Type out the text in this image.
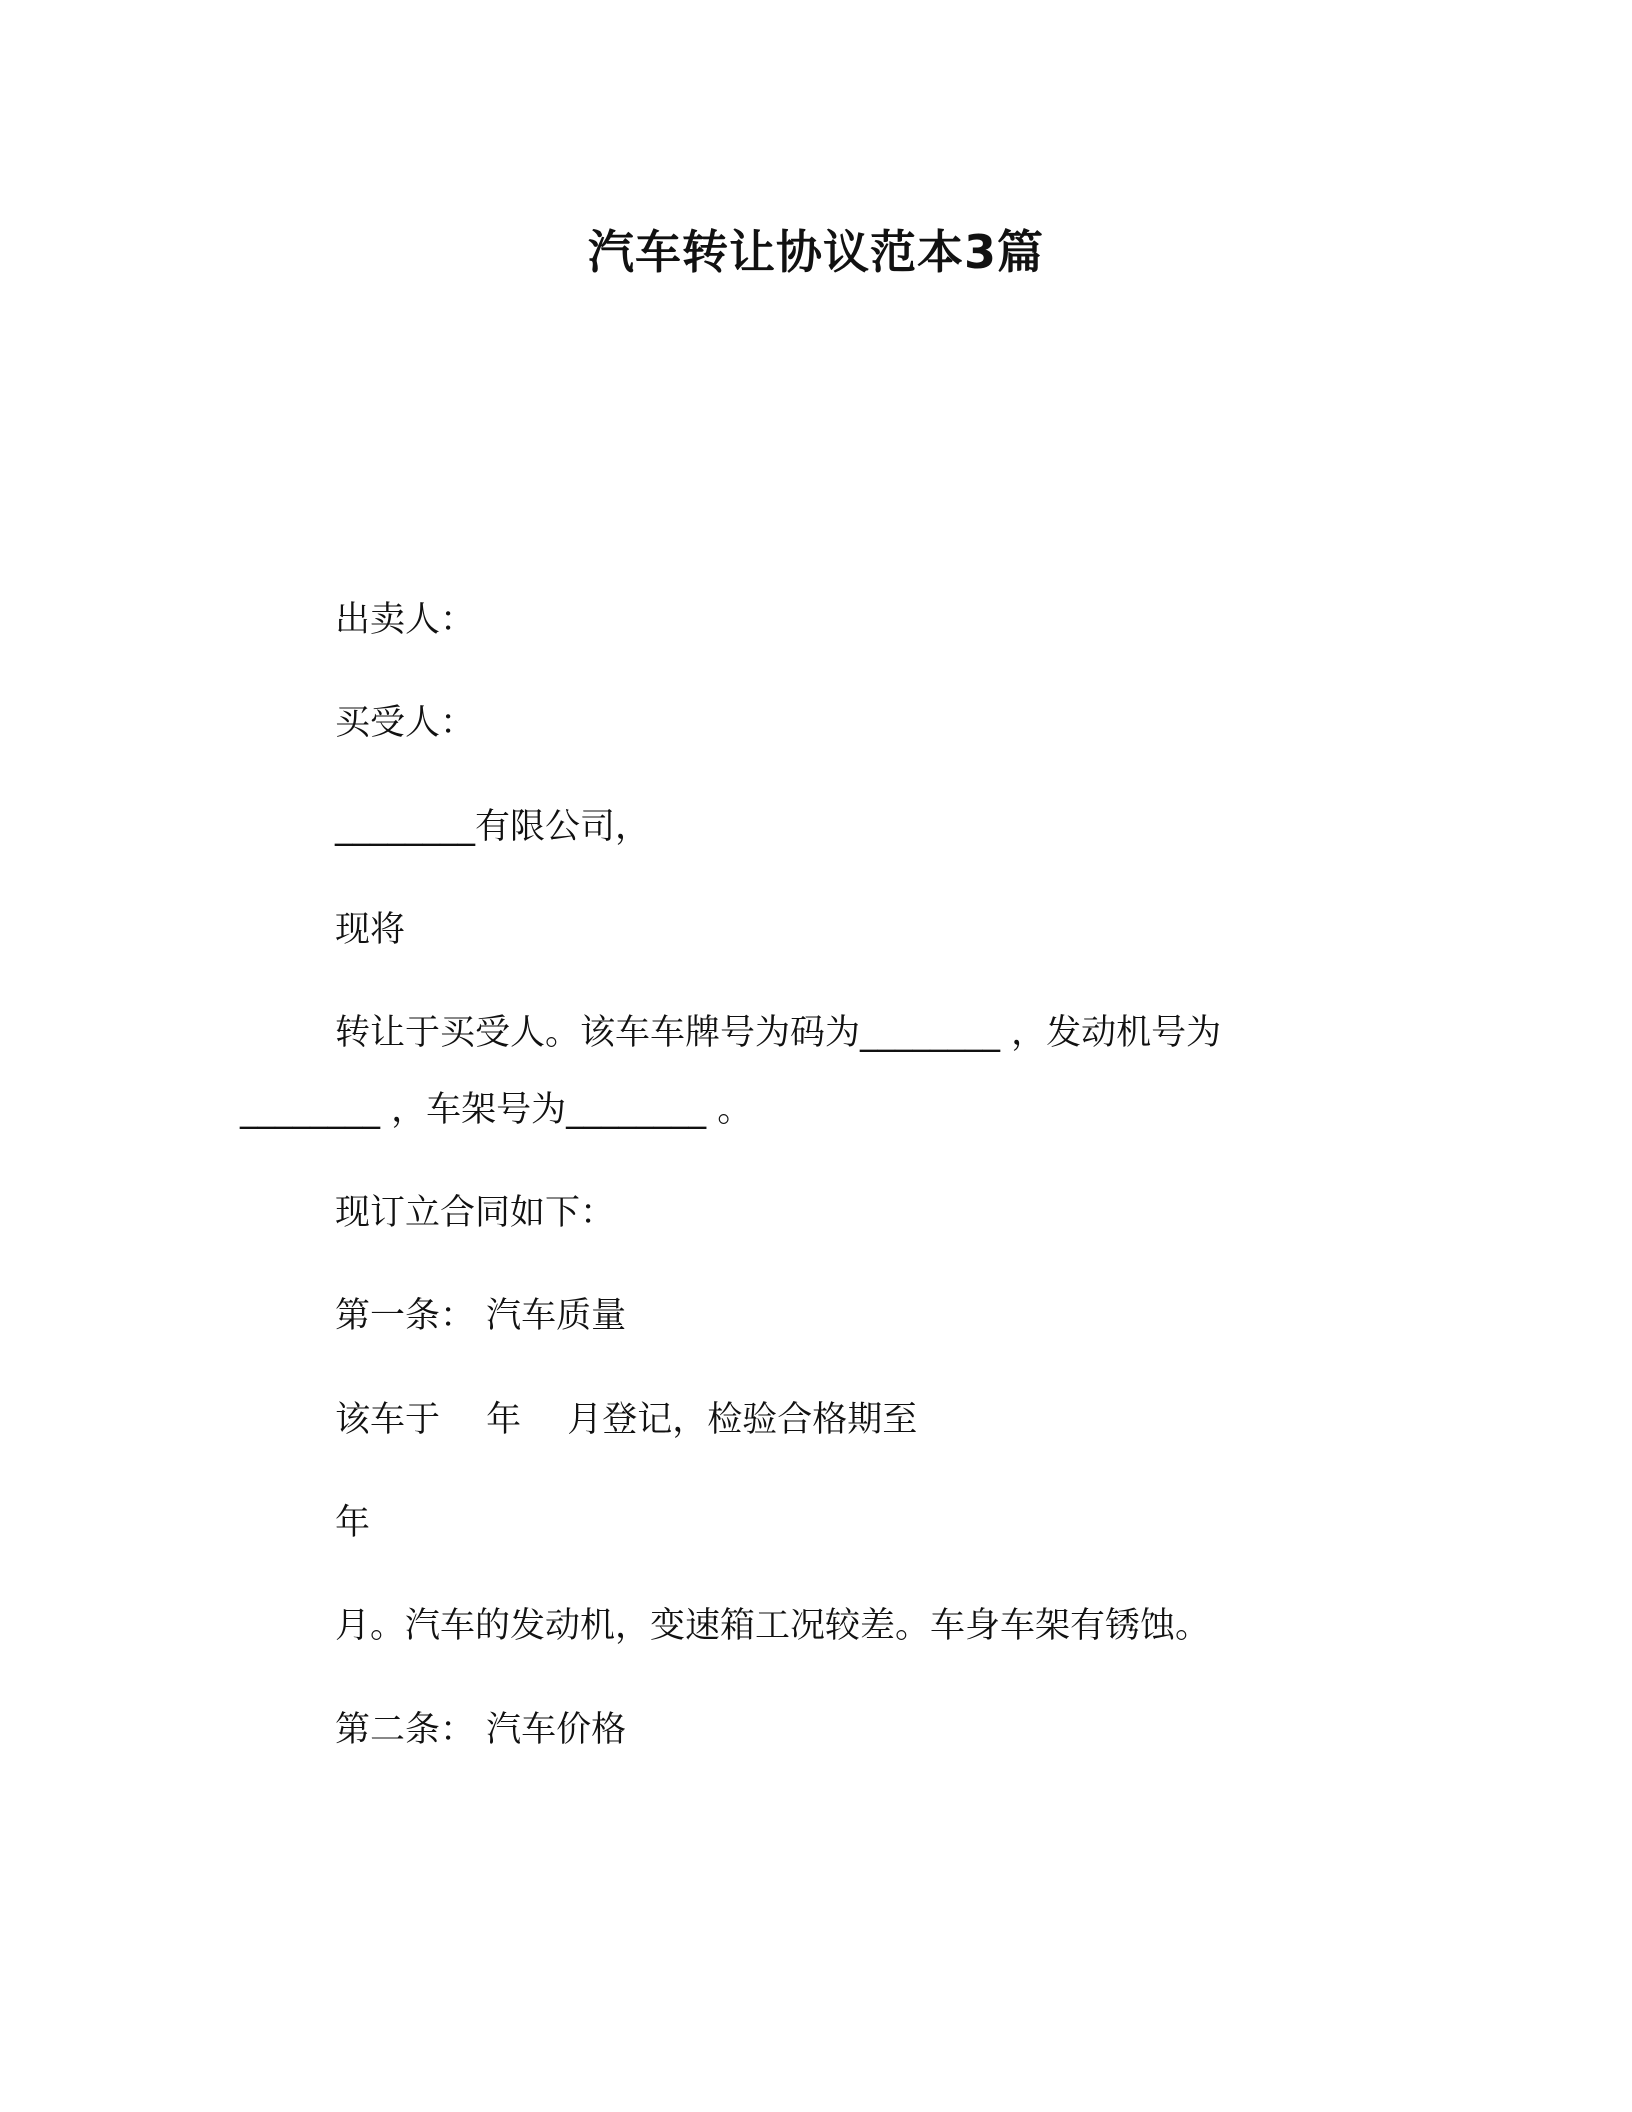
汽车转让协议范本3篇
出卖人：
买受人：
________有限公司，
现将
转让于买受人。该车车牌号为码为________ ，发动机号为
________ ，车架号为________ 。
现订立合同如下：
第一条： 汽车质量
该车于　 年　 月登记，检验合格期至
年
月。汽车的发动机，变速箱工况较差。车身车架有锈蚀。
第二条： 汽车价格
